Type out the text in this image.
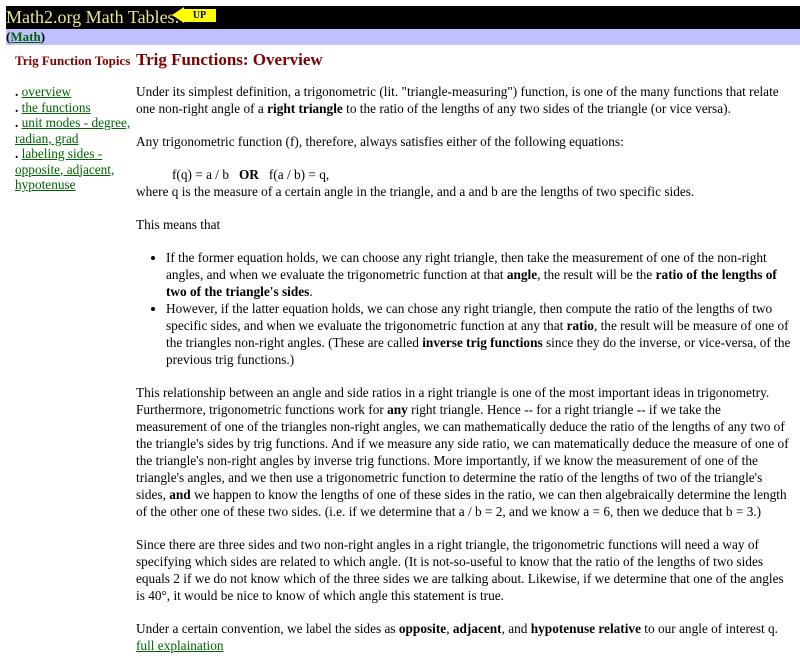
Math2.org Math Tables:	UP
(Math)
Trig Function Topics
. overview
. the functions
. unit modes - degree, radian, grad
. labeling sides - opposite, adjacent, hypotenuse
Trig Functions: Overview

Under its simplest definition, a trigonometric (lit. "triangle-measuring") function, is one of the many functions that relate one non-right angle of a right triangle to the ratio of the lengths of any two sides of the triangle (or vice versa).

Any trigonometric function (f), therefore, always satisfies either of the following equations:

f(q) = a / b   OR   f(a / b) = q,

where q is the measure of a certain angle in the triangle, and a and b are the lengths of two specific sides.

This means that

• If the former equation holds, we can choose any right triangle, then take the measurement of one of the non-right angles, and when we evaluate the trigonometric function at that angle, the result will be the ratio of the lengths of two of the triangle's sides.
• However, if the latter equation holds, we can chose any right triangle, then compute the ratio of the lengths of two specific sides, and when we evaluate the trigonometric function at any that ratio, the result will be measure of one of the triangles non-right angles. (These are called inverse trig functions since they do the inverse, or vice-versa, of the previous trig functions.)

This relationship between an angle and side ratios in a right triangle is one of the most important ideas in trigonometry. Furthermore, trigonometric functions work for any right triangle. Hence -- for a right triangle -- if we take the measurement of one of the triangles non-right angles, we can mathematically deduce the ratio of the lengths of any two of the triangle's sides by trig functions. And if we measure any side ratio, we can matematically deduce the measure of one of the triangle's non-right angles by inverse trig functions. More importantly, if we know the measurement of one of the triangle's angles, and we then use a trigonometric function to determine the ratio of the lengths of two of the triangle's sides, and we happen to know the lengths of one of these sides in the ratio, we can then algebraically determine the length of the other one of these two sides. (i.e. if we determine that a / b = 2, and we know a = 6, then we deduce that b = 3.)

Since there are three sides and two non-right angles in a right triangle, the trigonometric functions will need a way of specifying which sides are related to which angle. (It is not-so-useful to know that the ratio of the lengths of two sides equals 2 if we do not know which of the three sides we are talking about. Likewise, if we determine that one of the angles is 40°, it would be nice to know of which angle this statement is true.

Under a certain convention, we label the sides as opposite, adjacent, and hypotenuse relative to our angle of interest q. full explaination
